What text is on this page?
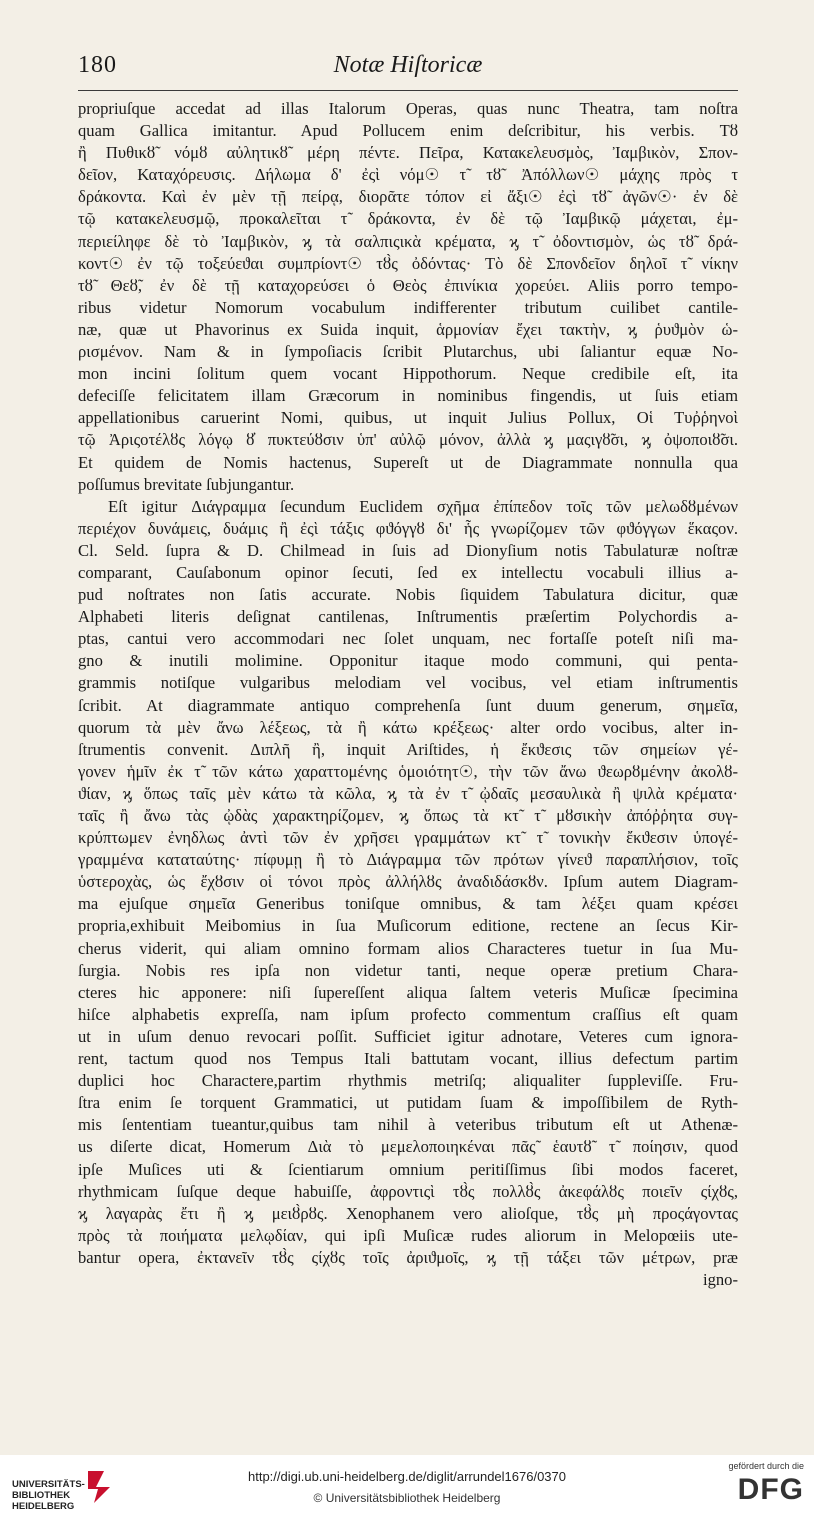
180	Notæ Hiſtoricæ
propriuſque accedat ad illas Italorum Operas, quas nunc Theatra, tam noſtra
quam Gallica imitantur. Apud Pollucem enim deſcribitur, his verbis. Τȣ̃
ἢ Πυθικȣ̃ νόμȣ αὐλητικȣ̃ μέρη πέντε. Πεῖρα, Κατακελευσμὸς, Ἰαμβικὸν, Σπον-
δεῖον, Καταχόρευσις. Δήλωμα δ' ἐςὶ νόμ☉ τ̃ τȣ̃ Ἀπόλλων☉ μάχης πρὸς τ̃
δράκοντα. Καὶ ἐν μὲν τῇ πείρᾳ, διορᾶτε τόπον εἰ ἄξι☉ ἐςὶ τȣ̃ ἀγῶν☉· ἐν δὲ
τῷ κατακελευσμῷ, προκαλεῖται τ̃ δράκοντα, ἐν δὲ τῷ Ἰαμβικῷ μάχεται, ἐμ-
περιείληφε δὲ τὸ Ἰαμβικὸν, ϗ τὰ σαλπιςικὰ κρέματα, ϗ τ̃ ὀδοντισμὸν, ὡς τȣ̃ δρά-
κοντ☉ ἐν τῷ τοξεύεϑαι συμπρίοντ☉ τȣ̀ς ὀδόντας· Τὸ δὲ Σπονδεῖον δηλοῖ τ̃ νίκην
τȣ̃ Θεȣ̃, ἐν δὲ τῇ καταχορεύσει ὁ Θεὸς ἐπινίκια χορεύει. Aliis porro tempo-
ribus videtur Nomorum vocabulum indifferenter tributum cuilibet cantile-
næ, quæ ut Phavorinus ex Suida inquit, ἁρμονίαν ἔχει τακτὴν, ϗ ῥυϑμὸν ὡ-
ρισμένον. Nam & in ſympoſiacis ſcribit Plutarchus, ubi ſaliantur equæ No-
mon incini ſolitum quem vocant Hippothorum. Neque credibile eſt, ita
defeciſſe felicitatem illam Græcorum in nominibus fingendis, ut ſuis etiam
appellationibus caruerint Nomi, quibus, ut inquit Julius Pollux, Οἱ Τυῤῥηνοὶ
τῷ Ἀριςοτέλȣς λόγῳ ȣ̓ πυκτεύȣσιν ὑπ' αὐλῷ μόνον, ἀλλὰ ϗ μαςιγȣ̃σι, ϗ ὀψοποιȣ̃σι.
Et quidem de Nomis hactenus, Supereſt ut de Diagrammate nonnulla qua
poſſumus brevitate ſubjungantur.
Eſt igitur Διάγραμμα ſecundum Euclidem σχῆμα ἐπίπεδον τοῖς τῶν μελωδȣμένων
περιέχον δυνάμεις, δυάμις ἢ ἐςὶ τάξις φϑόγγȣ δι' ἧς γνωρίζομεν τῶν φϑόγγων ἕκαςον.
Cl. Seld. ſupra & D. Chilmead in ſuis ad Dionyſium notis Tabulaturæ noſtræ
comparant, Cauſabonum opinor ſecuti, ſed ex intellectu vocabuli illius a-
pud noſtrates non ſatis accurate. Nobis ſiquidem Tabulatura dicitur, quæ
Alphabeti literis deſignat cantilenas, Inſtrumentis præſertim Polychordis a-
ptas, cantui vero accommodari nec ſolet unquam, nec fortaſſe poteſt niſi ma-
gno & inutili molimine. Opponitur itaque modo communi, qui penta-
grammis notiſque vulgaribus melodiam vel vocibus, vel etiam inſtrumentis
ſcribit. At diagrammate antiquo comprehenſa ſunt duum generum, σημεῖα,
quorum τὰ μὲν ἄνω λέξεως, τὰ ἢ κάτω κρέξεως· alter ordo vocibus, alter in-
ſtrumentis convenit. Διπλῆ ἢ, inquit Ariſtides, ἡ ἔκϑεσις τῶν σημείων γέ-
γονεν ἡμῖν ἐκ τ̃ τῶν κάτω χαραττομένης ὁμοιότητ☉, τὴν τῶν ἄνω ϑεωρȣμένην ἀκολȣ-
ϑίαν, ϗ ὅπως ταῖς μὲν κάτω τὰ κῶλα, ϗ τὰ ἐν τ̃ ᾠδαῖς μεσαυλικὰ ἢ ψιλὰ κρέματα·
ταῖς ἢ ἄνω τὰς ᾠδὰς χαρακτηρίζομεν, ϗ ὅπως τὰ κτ̃ τ̃ μȣσικὴν ἀπόῤῥητα συγ-
κρύπτωμεν ἐνηδλως ἀντὶ τῶν ἐν χρῆσει γραμμάτων κτ̃ τ̃ τονικὴν ἔκϑεσιν ὑπογέ-
γραμμένα καταταύτης· πίφυμῃ ἢ τὸ Διάγραμμα τῶν πρότων γίνεϑ παραπλήσιον, τοῖς
ὑστεροχὰς, ὡς ἔχȣσιν οἱ τόνοι πρὸς ἀλλήλȣς ἀναδιδάσκȣν. Ipſum autem Diagram-
ma ejuſque σημεῖα Generibus toniſque omnibus, & tam λέξει quam κρέσει
propria,exhibuit Meibomius in ſua Muſicorum editione, rectene an ſecus Kir-
cherus viderit, qui aliam omnino formam alios Characteres tuetur in ſua Mu-
ſurgia. Nobis res ipſa non videtur tanti, neque operæ pretium Chara-
cteres hic apponere: niſi ſupereſſent aliqua ſaltem veteris Muſicæ ſpecimina
hiſce alphabetis expreſſa, nam ipſum profecto commentum craſſius eſt quam
ut in uſum denuo revocari poſſit. Sufficiet igitur adnotare, Veteres cum ignora-
rent, tactum quod nos Tempus Itali battutam vocant, illius defectum partim
duplici hoc Charactere,partim rhythmis metriſq; aliqualiter ſuppleviſſe. Fru-
ſtra enim ſe torquent Grammatici, ut putidam ſuam & impoſſibilem de Ryth-
mis ſententiam tueantur,quibus tam nihil à veteribus tributum eſt ut Athenæ-
us diſerte dicat, Homerum Διὰ τὸ μεμελοποιηκέναι πᾶς̃ ἑαυτȣ̃ τ̃ ποίησιν, quod
ipſe Muſices uti & ſcientiarum omnium peritiſſimus ſibi modos faceret,
rhythmicam ſuſque deque habuiſſe, ἀφροντιςὶ τȣ̀ς πολλȣ̀ς ἀκεφάλȣς ποιεῖν ςίχȣς,
ϗ λαγαρὰς ἔτι ἢ ϗ μειȣ̀ρȣς. Xenophanem vero alioſque, τȣ̀ς μὴ προςάγοντας
πρὸς τὰ ποιήματα μελῳδίαν, qui ipſi Muſicæ rudes aliorum in Melopœiis ute-
bantur opera, ἐκτανεῖν τȣ̀ς ςίχȣς τοῖς ἀριϑμοῖς, ϗ τῇ τάξει τῶν μέτρων, præ
igno-
UNIVERSITÄTS- BIBLIOTHEK HEIDELBERG
http://digi.ub.uni-heidelberg.de/diglit/arrundel1676/0370
© Universitätsbibliothek Heidelberg
gefördert durch die
DFG
